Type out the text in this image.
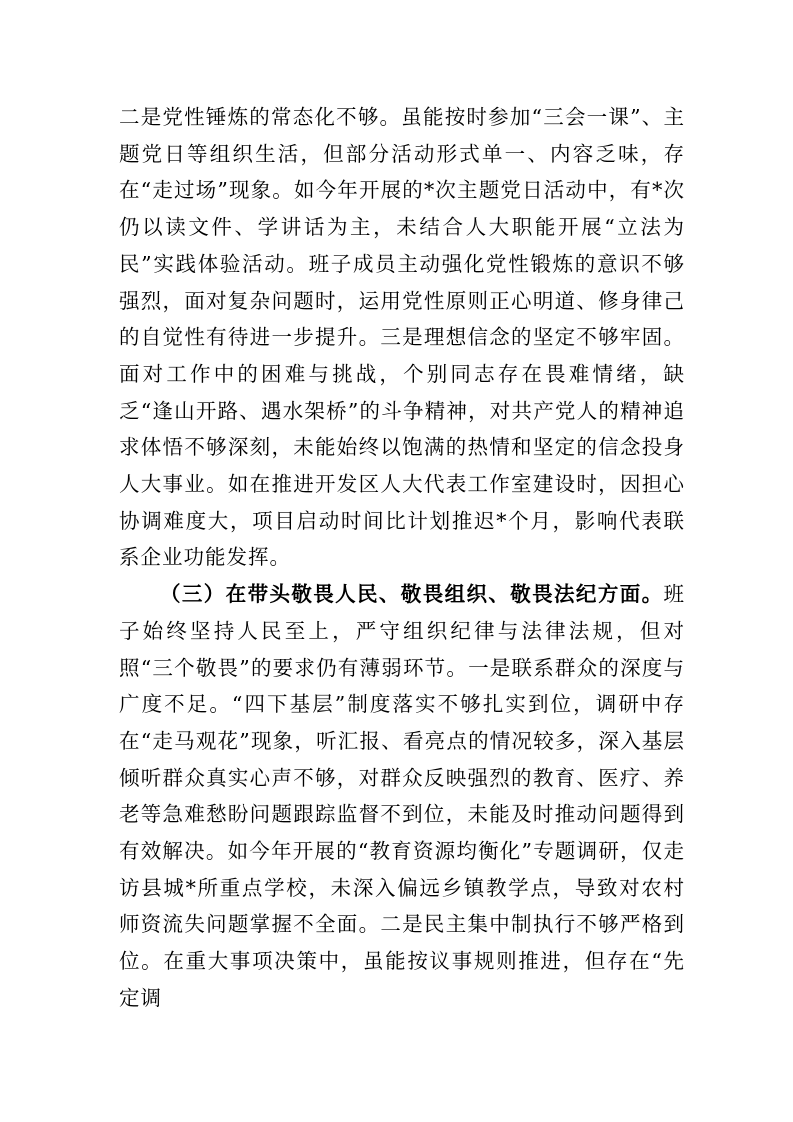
二是党性锤炼的常态化不够。虽能按时参加“三会一课”、主题党日等组织生活，但部分活动形式单一、内容乏味，存在“走过场”现象。如今年开展的*次主题党日活动中，有*次仍以读文件、学讲话为主，未结合人大职能开展“立法为民”实践体验活动。班子成员主动强化党性锻炼的意识不够强烈，面对复杂问题时，运用党性原则正心明道、修身律己的自觉性有待进一步提升。三是理想信念的坚定不够牢固。面对工作中的困难与挑战，个别同志存在畏难情绪，缺乏“逢山开路、遇水架桥”的斗争精神，对共产党人的精神追求体悟不够深刻，未能始终以饱满的热情和坚定的信念投身人大事业。如在推进开发区人大代表工作室建设时，因担心协调难度大，项目启动时间比计划推迟*个月，影响代表联系企业功能发挥。

（三）在带头敬畏人民、敬畏组织、敬畏法纪方面。班子始终坚持人民至上，严守组织纪律与法律法规，但对照“三个敬畏”的要求仍有薄弱环节。一是联系群众的深度与广度不足。“四下基层”制度落实不够扎实到位，调研中存在“走马观花”现象，听汇报、看亮点的情况较多，深入基层倾听群众真实心声不够，对群众反映强烈的教育、医疗、养老等急难愁盼问题跟踪监督不到位，未能及时推动问题得到有效解决。如今年开展的“教育资源均衡化”专题调研，仅走访县城*所重点学校，未深入偏远乡镇教学点，导致对农村师资流失问题掌握不全面。二是民主集中制执行不够严格到位。在重大事项决策中，虽能按议事规则推进，但存在“先定调
